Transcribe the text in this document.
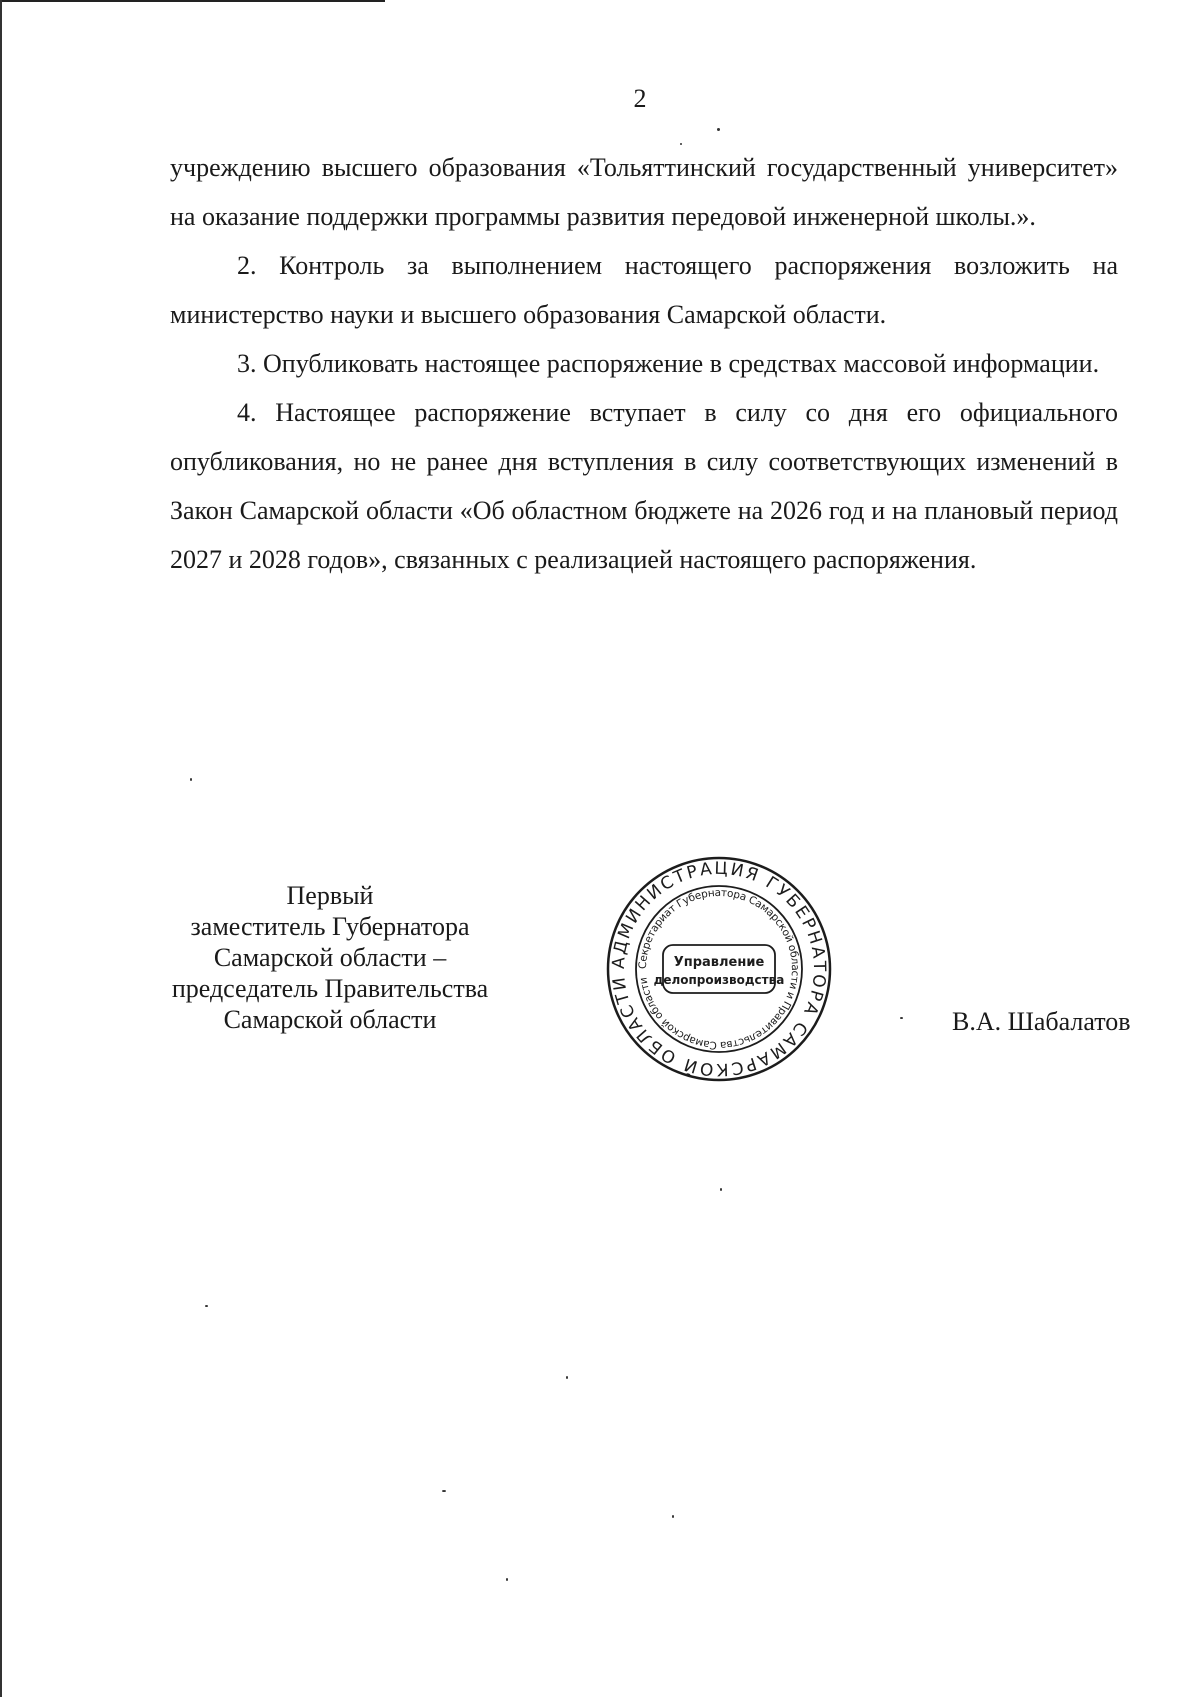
2

учреждению высшего образования «Тольяттинский государственный университет» на оказание поддержки программы развития передовой инженерной школы.».

2. Контроль за выполнением настоящего распоряжения возложить на министерство науки и высшего образования Самарской области.

3. Опубликовать настоящее распоряжение в средствах массовой информации.

4. Настоящее распоряжение вступает в силу со дня его официального опубликования, но не ранее дня вступления в силу соответствующих изменений в Закон Самарской области «Об областном бюджете на 2026 год и на плановый период 2027 и 2028 годов», связанных с реализацией настоящего распоряжения.

Первый
заместитель Губернатора
Самарской области –
председатель Правительства
Самарской области
АДМИНИСТРАЦИЯ ГУБЕРНАТОРА САМАРСКОЙ ОБЛАСТИ
Секретариат Губернатора Самарской области и Правительства Самарской области
Управление
делопроизводства
В.А. Шабалатов
